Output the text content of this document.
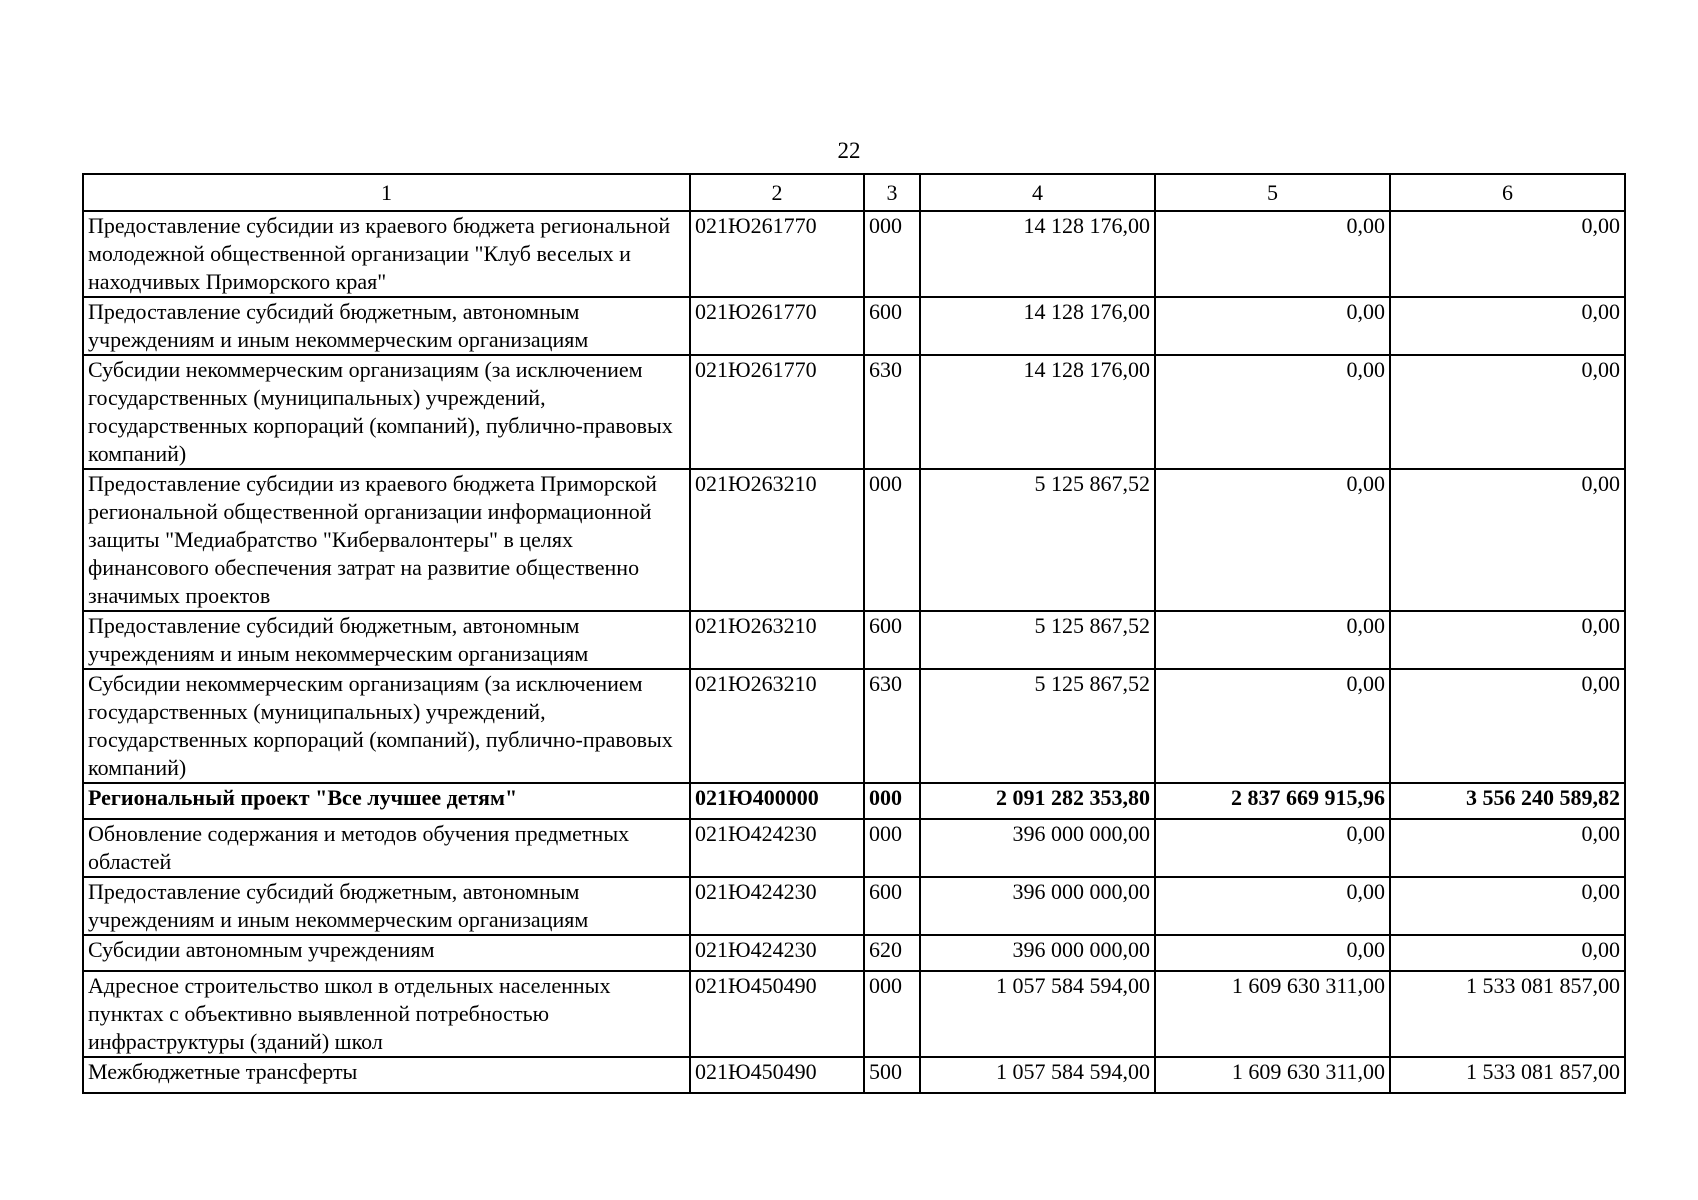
22
1	2	3	4	5	6
Предоставление субсидии из краевого бюджета региональной молодежной общественной организации "Клуб веселых и находчивых Приморского края"	021Ю261770	000	14 128 176,00	0,00	0,00
Предоставление субсидий бюджетным, автономным учреждениям и иным некоммерческим организациям	021Ю261770	600	14 128 176,00	0,00	0,00
Субсидии некоммерческим организациям (за исключением государственных (муниципальных) учреждений, государственных корпораций (компаний), публично-правовых компаний)	021Ю261770	630	14 128 176,00	0,00	0,00
Предоставление субсидии из краевого бюджета Приморской региональной общественной организации информационной защиты "Медиабратство "Кибервалонтеры" в целях финансового обеспечения затрат на развитие общественно значимых проектов	021Ю263210	000	5 125 867,52	0,00	0,00
Предоставление субсидий бюджетным, автономным учреждениям и иным некоммерческим организациям	021Ю263210	600	5 125 867,52	0,00	0,00
Субсидии некоммерческим организациям (за исключением государственных (муниципальных) учреждений, государственных корпораций (компаний), публично-правовых компаний)	021Ю263210	630	5 125 867,52	0,00	0,00
Региональный проект "Все лучшее детям"	021Ю400000	000	2 091 282 353,80	2 837 669 915,96	3 556 240 589,82
Обновление содержания и методов обучения предметных областей	021Ю424230	000	396 000 000,00	0,00	0,00
Предоставление субсидий бюджетным, автономным учреждениям и иным некоммерческим организациям	021Ю424230	600	396 000 000,00	0,00	0,00
Субсидии автономным учреждениям	021Ю424230	620	396 000 000,00	0,00	0,00
Адресное строительство школ в отдельных населенных пунктах с объективно выявленной потребностью инфраструктуры (зданий) школ	021Ю450490	000	1 057 584 594,00	1 609 630 311,00	1 533 081 857,00
Межбюджетные трансферты	021Ю450490	500	1 057 584 594,00	1 609 630 311,00	1 533 081 857,00
